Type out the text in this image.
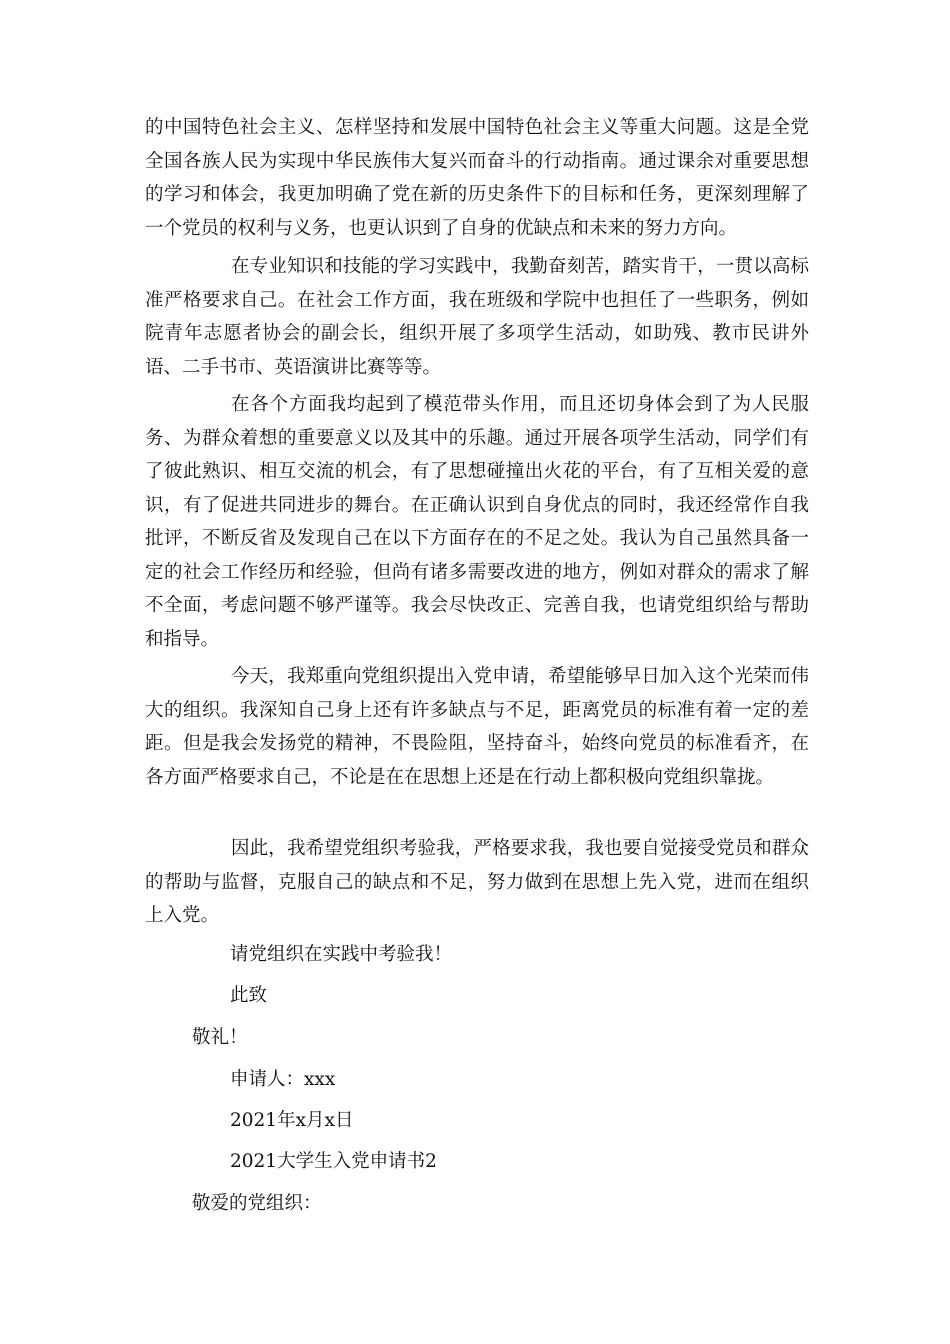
的中国特色社会主义、怎样坚持和发展中国特色社会主义等重大问题。这是全党全国各族人民为实现中华民族伟大复兴而奋斗的行动指南。通过课余对重要思想的学习和体会，我更加明确了党在新的历史条件下的目标和任务，更深刻理解了一个党员的权利与义务，也更认识到了自身的优缺点和未来的努力方向。

在专业知识和技能的学习实践中，我勤奋刻苦，踏实肯干，一贯以高标准严格要求自己。在社会工作方面，我在班级和学院中也担任了一些职务，例如院青年志愿者协会的副会长，组织开展了多项学生活动，如助残、教市民讲外语、二手书市、英语演讲比赛等等。

在各个方面我均起到了模范带头作用，而且还切身体会到了为人民服务、为群众着想的重要意义以及其中的乐趣。通过开展各项学生活动，同学们有了彼此熟识、相互交流的机会，有了思想碰撞出火花的平台，有了互相关爱的意识，有了促进共同进步的舞台。在正确认识到自身优点的同时，我还经常作自我批评，不断反省及发现自己在以下方面存在的不足之处。我认为自己虽然具备一定的社会工作经历和经验，但尚有诸多需要改进的地方，例如对群众的需求了解不全面，考虑问题不够严谨等。我会尽快改正、完善自我，也请党组织给与帮助和指导。

今天，我郑重向党组织提出入党申请，希望能够早日加入这个光荣而伟大的组织。我深知自己身上还有许多缺点与不足，距离党员的标准有着一定的差距。但是我会发扬党的精神，不畏险阻，坚持奋斗，始终向党员的标准看齐，在各方面严格要求自己，不论是在在思想上还是在行动上都积极向党组织靠拢。

因此，我希望党组织考验我，严格要求我，我也要自觉接受党员和群众的帮助与监督，克服自己的缺点和不足，努力做到在思想上先入党，进而在组织上入党。

请党组织在实践中考验我！

此致

敬礼！

申请人：xxx

2021年x月x日

2021大学生入党申请书2

敬爱的党组织：
